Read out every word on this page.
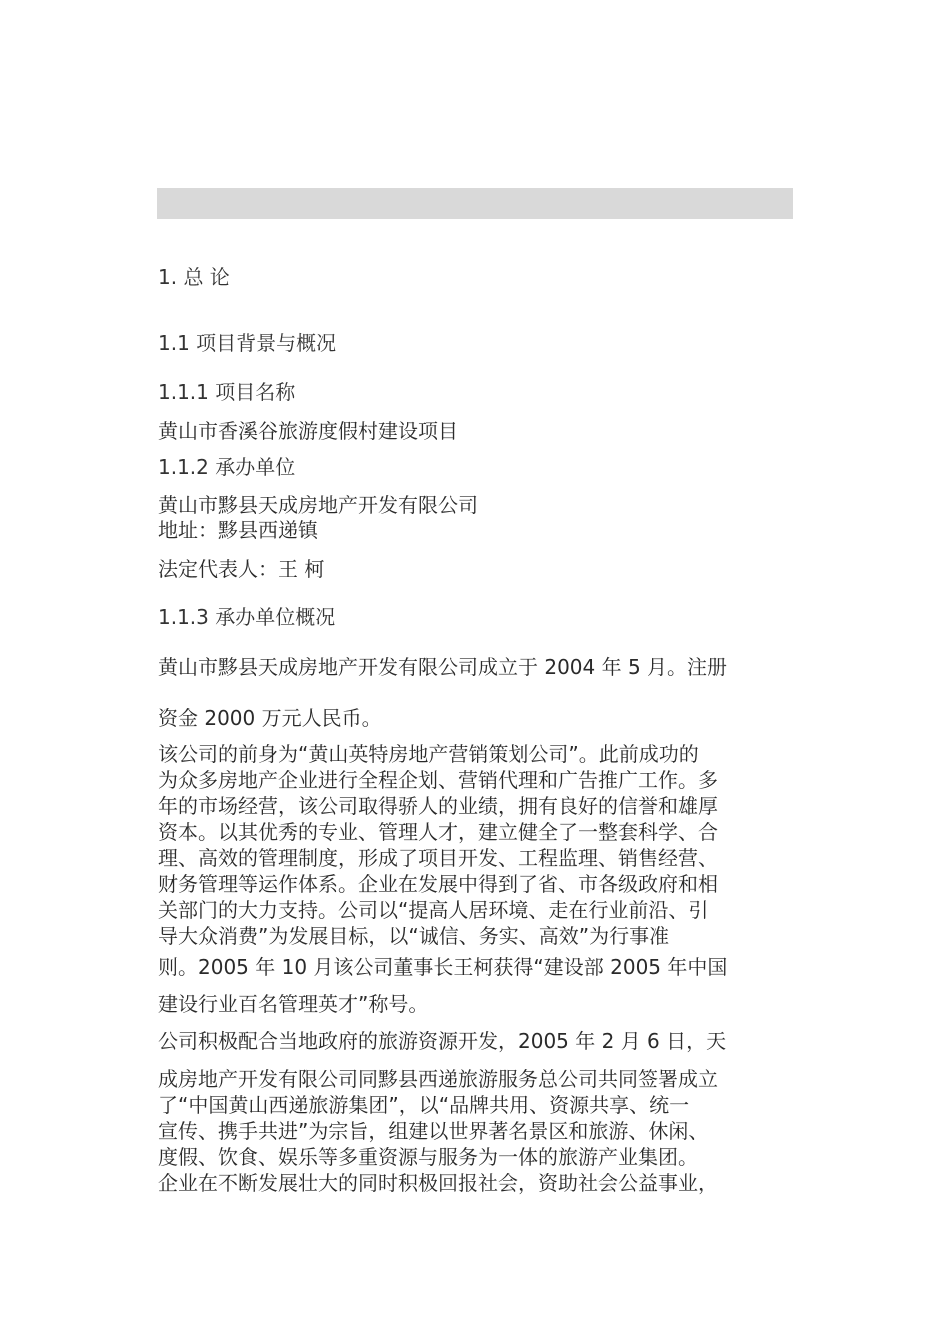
1. 总 论
1.1 项目背景与概况
1.1.1 项目名称
黄山市香溪谷旅游度假村建设项目
1.1.2 承办单位
黄山市黟县天成房地产开发有限公司
地址：黟县西递镇
法定代表人：王 柯
1.1.3 承办单位概况
黄山市黟县天成房地产开发有限公司成立于 2004 年 5 月。注册
资金 2000 万元人民币。
该公司的前身为“黄山英特房地产营销策划公司”。此前成功的
为众多房地产企业进行全程企划、营销代理和广告推广工作。多
年的市场经营，该公司取得骄人的业绩，拥有良好的信誉和雄厚
资本。以其优秀的专业、管理人才，建立健全了一整套科学、合
理、高效的管理制度，形成了项目开发、工程监理、销售经营、
财务管理等运作体系。企业在发展中得到了省、市各级政府和相
关部门的大力支持。公司以“提高人居环境、走在行业前沿、引
导大众消费”为发展目标，以“诚信、务实、高效”为行事准
则。2005 年 10 月该公司董事长王柯获得“建设部 2005 年中国
建设行业百名管理英才”称号。
公司积极配合当地政府的旅游资源开发，2005 年 2 月 6 日，天
成房地产开发有限公司同黟县西递旅游服务总公司共同签署成立
了“中国黄山西递旅游集团”，以“品牌共用、资源共享、统一
宣传、携手共进”为宗旨，组建以世界著名景区和旅游、休闲、
度假、饮食、娱乐等多重资源与服务为一体的旅游产业集团。
企业在不断发展壮大的同时积极回报社会，资助社会公益事业，
